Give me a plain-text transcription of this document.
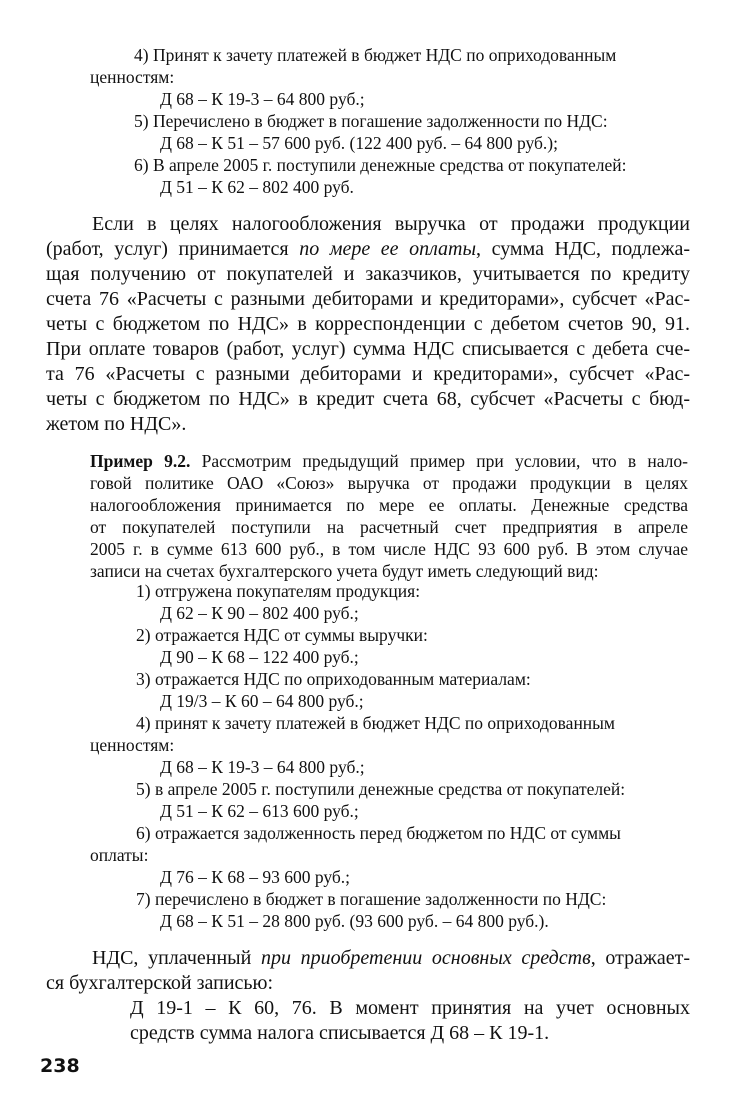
4) Принят к зачету платежей в бюджет НДС по оприходованным
ценностям:
Д 68 – К 19-3 – 64 800 руб.;
5) Перечислено в бюджет в погашение задолженности по НДС:
Д 68 – К 51 – 57 600 руб. (122 400 руб. – 64 800 руб.);
6) В апреле 2005 г. поступили денежные средства от покупателей:
Д 51 – К 62 – 802 400 руб.
Если в целях налогообложения выручка от продажи продукции
(работ, услуг) принимается по мере ее оплаты, сумма НДС, подлежа-
щая получению от покупателей и заказчиков, учитывается по кредиту
счета 76 «Расчеты с разными дебиторами и кредиторами», субсчет «Рас-
четы с бюджетом по НДС» в корреспонденции с дебетом счетов 90, 91.
При оплате товаров (работ, услуг) сумма НДС списывается с дебета сче-
та 76 «Расчеты с разными дебиторами и кредиторами», субсчет «Рас-
четы с бюджетом по НДС» в кредит счета 68, субсчет «Расчеты с бюд-
жетом по НДС».
Пример 9.2. Рассмотрим предыдущий пример при условии, что в нало-
говой политике ОАО «Союз» выручка от продажи продукции в целях
налогообложения принимается по мере ее оплаты. Денежные средства
от покупателей поступили на расчетный счет предприятия в апреле
2005 г. в сумме 613 600 руб., в том числе НДС 93 600 руб. В этом случае
записи на счетах бухгалтерского учета будут иметь следующий вид:
1) отгружена покупателям продукция:
Д 62 – К 90 – 802 400 руб.;
2) отражается НДС от суммы выручки:
Д 90 – К 68 – 122 400 руб.;
3) отражается НДС по оприходованным материалам:
Д 19/3 – К 60 – 64 800 руб.;
4) принят к зачету платежей в бюджет НДС по оприходованным
ценностям:
Д 68 – К 19-3 – 64 800 руб.;
5) в апреле 2005 г. поступили денежные средства от покупателей:
Д 51 – К 62 – 613 600 руб.;
6) отражается задолженность перед бюджетом по НДС от суммы
оплаты:
Д 76 – К 68 – 93 600 руб.;
7) перечислено в бюджет в погашение задолженности по НДС:
Д 68 – К 51 – 28 800 руб. (93 600 руб. – 64 800 руб.).
НДС, уплаченный при приобретении основных средств, отражает-
ся бухгалтерской записью:
Д 19-1 – К 60, 76. В момент принятия на учет основных
средств сумма налога списывается Д 68 – К 19-1.
238
